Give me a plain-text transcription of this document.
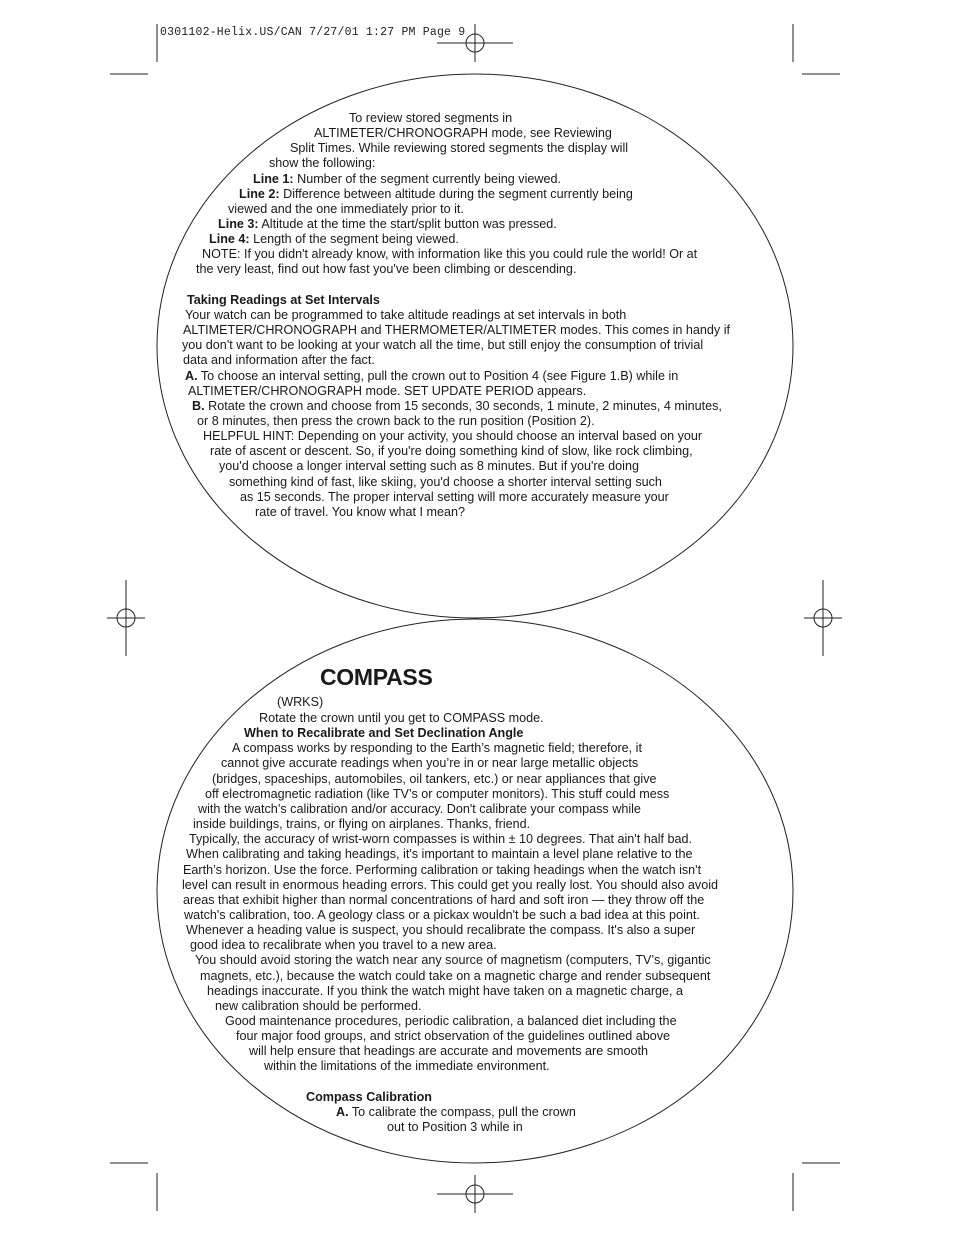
0301102-Helix.US/CAN 7/27/01 1:27 PM Page 9
To review stored segments in
ALTIMETER/CHRONOGRAPH mode, see Reviewing
Split Times. While reviewing stored segments the display will
show the following:
Line 1: Number of the segment currently being viewed.
Line 2: Difference between altitude during the segment currently being
viewed and the one immediately prior to it.
Line 3: Altitude at the time the start/split button was pressed.
Line 4: Length of the segment being viewed.
NOTE: If you didn't already know, with information like this you could rule the world! Or at
the very least, find out how fast you've been climbing or descending.
Taking Readings at Set Intervals
Your watch can be programmed to take altitude readings at set intervals in both
ALTIMETER/CHRONOGRAPH and THERMOMETER/ALTIMETER modes. This comes in handy if
you don't want to be looking at your watch all the time, but still enjoy the consumption of trivial
data and information after the fact.
A. To choose an interval setting, pull the crown out to Position 4 (see Figure 1.B) while in
ALTIMETER/CHRONOGRAPH mode. SET UPDATE PERIOD appears.
B. Rotate the crown and choose from 15 seconds, 30 seconds, 1 minute, 2 minutes, 4 minutes,
or 8 minutes, then press the crown back to the run position (Position 2).
HELPFUL HINT: Depending on your activity, you should choose an interval based on your
rate of ascent or descent. So, if you're doing something kind of slow, like rock climbing,
you'd choose a longer interval setting such as 8 minutes. But if you're doing
something kind of fast, like skiing, you'd choose a shorter interval setting such
as 15 seconds. The proper interval setting will more accurately measure your
rate of travel. You know what I mean?
COMPASS
(WRKS)
Rotate the crown until you get to COMPASS mode.
When to Recalibrate and Set Declination Angle
A compass works by responding to the Earth’s magnetic field; therefore, it
cannot give accurate readings when you’re in or near large metallic objects
(bridges, spaceships, automobiles, oil tankers, etc.) or near appliances that give
off electromagnetic radiation (like TV’s or computer monitors). This stuff could mess
with the watch’s calibration and/or accuracy. Don't calibrate your compass while
inside buildings, trains, or flying on airplanes. Thanks, friend.
Typically, the accuracy of wrist-worn compasses is within ± 10 degrees. That ain't half bad.
When calibrating and taking headings, it's important to maintain a level plane relative to the
Earth’s horizon. Use the force. Performing calibration or taking headings when the watch isn't
level can result in enormous heading errors. This could get you really lost. You should also avoid
areas that exhibit higher than normal concentrations of hard and soft iron — they throw off the
watch's calibration, too. A geology class or a pickax wouldn't be such a bad idea at this point.
Whenever a heading value is suspect, you should recalibrate the compass. It's also a super
good idea to recalibrate when you travel to a new area.
You should avoid storing the watch near any source of magnetism (computers, TV’s, gigantic
magnets, etc.), because the watch could take on a magnetic charge and render subsequent
headings inaccurate. If you think the watch might have taken on a magnetic charge, a
new calibration should be performed.
Good maintenance procedures, periodic calibration, a balanced diet including the
four major food groups, and strict observation of the guidelines outlined above
will help ensure that headings are accurate and movements are smooth
within the limitations of the immediate environment.
Compass Calibration
A. To calibrate the compass, pull the crown
out to Position 3 while in
